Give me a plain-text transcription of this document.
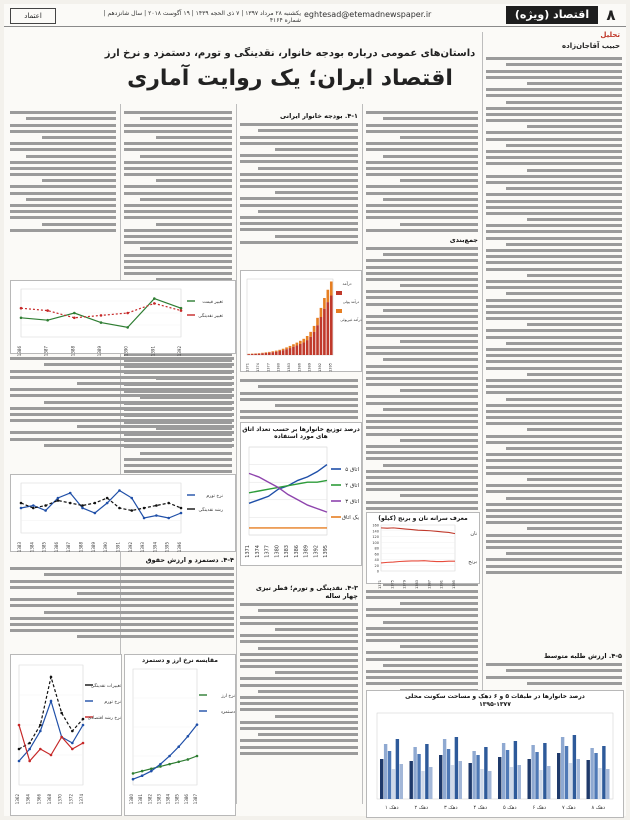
۸
اقتصاد (ویژه)
eghtesad@etemadnewspaper.ir
یکشنبه ۲۸ مرداد ۱۳۹۷ | ۷ ذی الحجه ۱۴۳۹ | ۱۹ آگوست ۲۰۱۸ | سال شانزدهم | شماره ۴۱۶۴
اعتماد
تحلیل
حبیب آقاجان‌زاده
داستان‌های عمومی درباره بودجه خانوار، نقدینگی و تورم، دستمزد و نرخ ارز
اقتصاد ایران؛ یک روایت آماری
جمع‌بندی
۴-۱. بودجه خانوار ایرانی
۴-۳. نقدینگی و تورم؛ قطر تیزی چهار ساله
۴-۵. ارزش طلبه متوسط
۴-۴. دستمزد و ارزش حقوق
1371 1374 1377 1380 1383 1386 1389 1392 1395
درآمد
درآمد پولی
درآمد غیرپولی
درصد توزیع خانوارها بر حسب تعداد اتاق های مورد استفاده
1371 1374 1377 1380 1383 1386 1389 1392 1395
۵ اتاق
۴ اتاق
۳ اتاق
یک اتاق	معرف سرانه نان و برنج (کیلو)
0
20
40
60
80
100
120
140
160
1371 1375 1379 1383 1387 1391 1395
نان
برنج
درصد خانوارها در طبقات ۵ و ۶ دهک و مساحت سکونت محلی
۱۳۹۵-۱۳۷۷
دهک ۱	دهک ۲	دهک ۳	دهک ۴	دهک ۵	دهک ۶	دهک ۷	دهک ۸
1386	1387	1388	1389	1390	1391	1392
تغییر قیمت
تغییر نقدینگی
1383 1384 1385 1386 1387 1388 1389 1390 1391 1392 1393 1394 1395 1396
نرخ تورم
رشد نقدینگی
1362 1364 1366 1368 1370 1372 1374
تغییرات نقدینگی
نرخ تورم
نرخ رشد اقتصادی
مقایسه نرخ ارز و دستمزد
1380 1381 1382 1383 1384 1385 1386 1387
نرخ ارز
دستمزد
